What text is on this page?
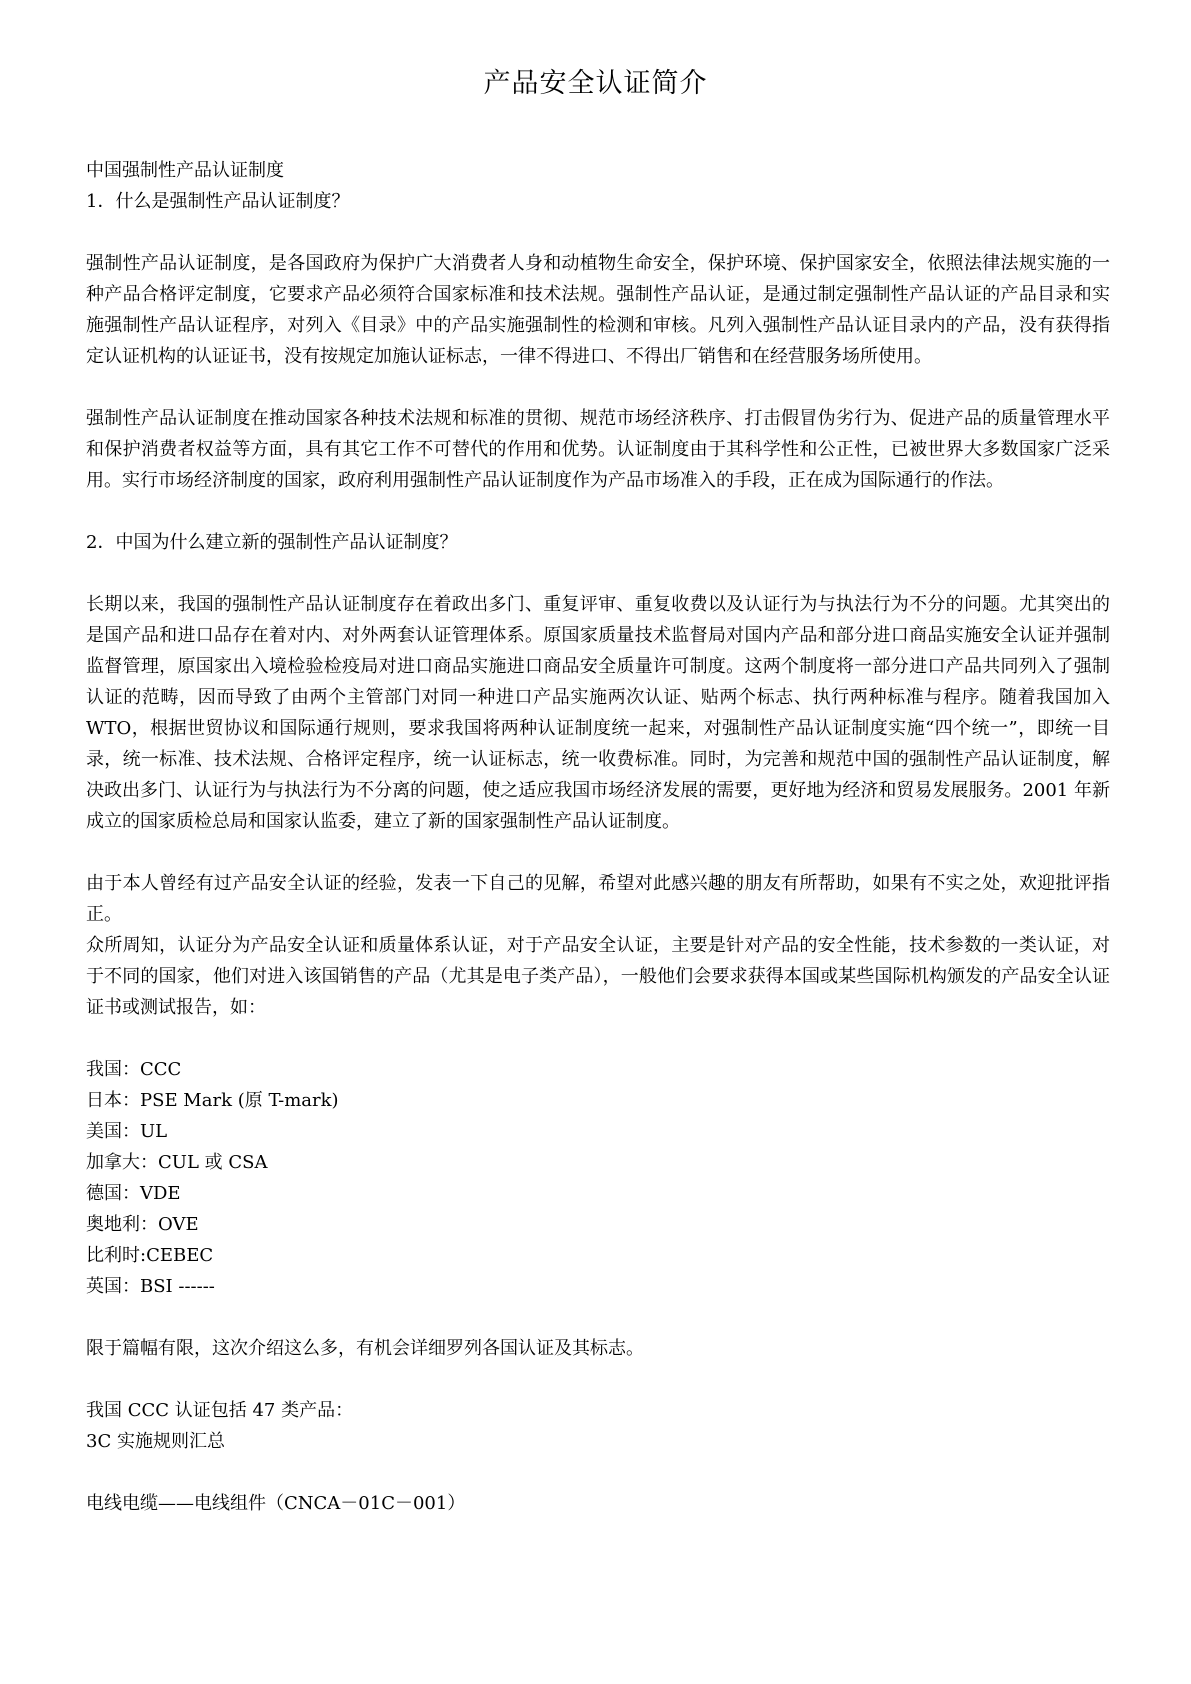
产品安全认证简介

中国强制性产品认证制度

1．什么是强制性产品认证制度？

强制性产品认证制度，是各国政府为保护广大消费者人身和动植物生命安全，保护环境、保护国家安全，依照法律法规实施的一种产品合格评定制度，它要求产品必须符合国家标准和技术法规。强制性产品认证，是通过制定强制性产品认证的产品目录和实施强制性产品认证程序，对列入《目录》中的产品实施强制性的检测和审核。凡列入强制性产品认证目录内的产品，没有获得指定认证机构的认证证书，没有按规定加施认证标志，一律不得进口、不得出厂销售和在经营服务场所使用。

强制性产品认证制度在推动国家各种技术法规和标准的贯彻、规范市场经济秩序、打击假冒伪劣行为、促进产品的质量管理水平和保护消费者权益等方面，具有其它工作不可替代的作用和优势。认证制度由于其科学性和公正性，已被世界大多数国家广泛采用。实行市场经济制度的国家，政府利用强制性产品认证制度作为产品市场准入的手段，正在成为国际通行的作法。

2．中国为什么建立新的强制性产品认证制度？

长期以来，我国的强制性产品认证制度存在着政出多门、重复评审、重复收费以及认证行为与执法行为不分的问题。尤其突出的是国产品和进口品存在着对内、对外两套认证管理体系。原国家质量技术监督局对国内产品和部分进口商品实施安全认证并强制监督管理，原国家出入境检验检疫局对进口商品实施进口商品安全质量许可制度。这两个制度将一部分进口产品共同列入了强制认证的范畴，因而导致了由两个主管部门对同一种进口产品实施两次认证、贴两个标志、执行两种标准与程序。随着我国加入 WTO，根据世贸协议和国际通行规则，要求我国将两种认证制度统一起来，对强制性产品认证制度实施“四个统一”，即统一目录，统一标准、技术法规、合格评定程序，统一认证标志，统一收费标准。同时，为完善和规范中国的强制性产品认证制度，解决政出多门、认证行为与执法行为不分离的问题，使之适应我国市场经济发展的需要，更好地为经济和贸易发展服务。2001 年新成立的国家质检总局和国家认监委，建立了新的国家强制性产品认证制度。

由于本人曾经有过产品安全认证的经验，发表一下自己的见解，希望对此感兴趣的朋友有所帮助，如果有不实之处，欢迎批评指正。

众所周知，认证分为产品安全认证和质量体系认证，对于产品安全认证，主要是针对产品的安全性能，技术参数的一类认证，对于不同的国家，他们对进入该国销售的产品（尤其是电子类产品），一般他们会要求获得本国或某些国际机构颁发的产品安全认证证书或测试报告，如：

我国：CCC

日本：PSE Mark (原 T-mark)

美国：UL

加拿大：CUL 或 CSA

德国：VDE

奥地利：OVE

比利时:CEBEC

英国：BSI ------

限于篇幅有限，这次介绍这么多，有机会详细罗列各国认证及其标志。

我国 CCC 认证包括 47 类产品：

3C 实施规则汇总

电线电缆——电线组件（CNCA－01C－001）
